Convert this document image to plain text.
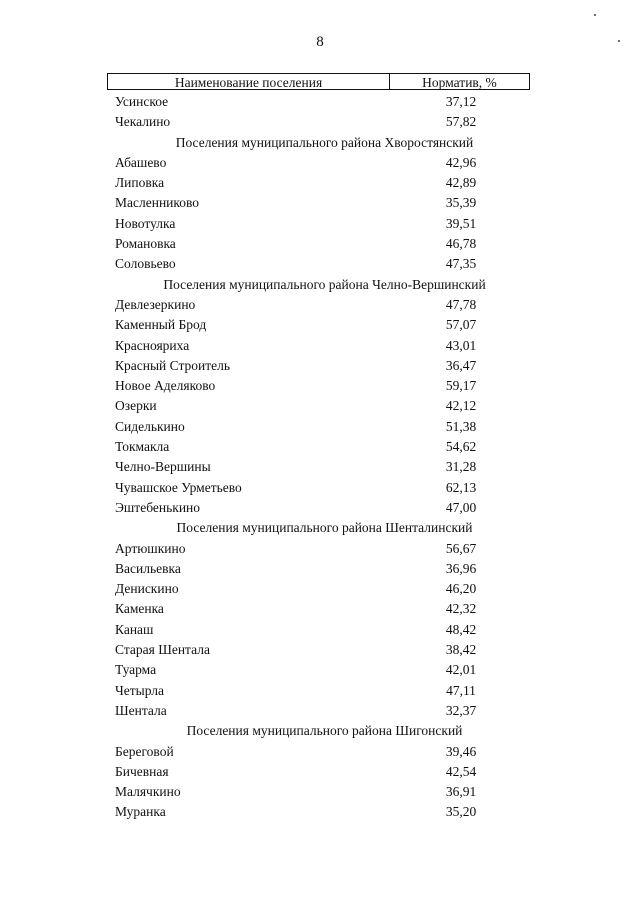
8
Наименование поселения	Норматив, %
Усинское	37,12
Чекалино	57,82
Поселения муниципального района Хворостянский
Абашево	42,96
Липовка	42,89
Масленниково	35,39
Новотулка	39,51
Романовка	46,78
Соловьево	47,35
Поселения муниципального района Челно-Вершинский
Девлезеркино	47,78
Каменный Брод	57,07
Краснояриха	43,01
Красный Строитель	36,47
Новое Аделяково	59,17
Озерки	42,12
Сиделькино	51,38
Токмакла	54,62
Челно-Вершины	31,28
Чувашское Урметьево	62,13
Эштебенькино	47,00
Поселения муниципального района Шенталинский
Артюшкино	56,67
Васильевка	36,96
Денискино	46,20
Каменка	42,32
Канаш	48,42
Старая Шентала	38,42
Туарма	42,01
Четырла	47,11
Шентала	32,37
Поселения муниципального района Шигонский
Береговой	39,46
Бичевная	42,54
Малячкино	36,91
Муранка	35,20
